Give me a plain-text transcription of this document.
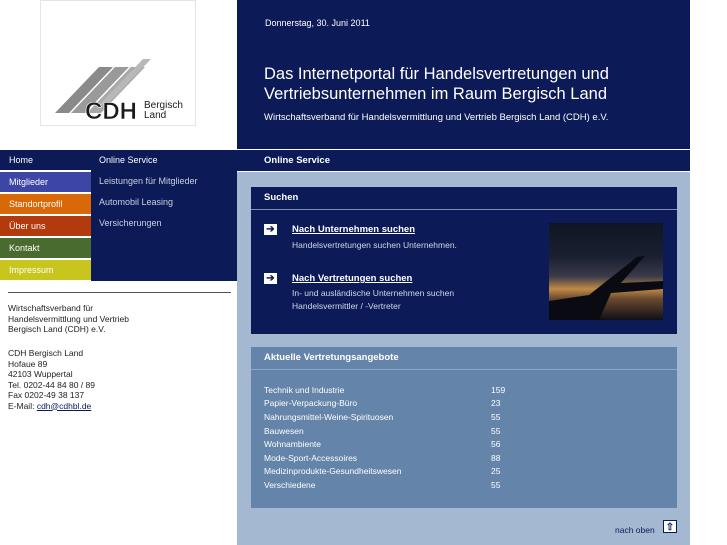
CDH Bergisch
Land
Donnerstag, 30. Juni 2011
Das Internetportal für Handelsvertretungen und
Vertriebsunternehmen im Raum Bergisch Land
Wirtschaftsverband für Handelsvermittlung und Vertrieb Bergisch Land (CDH) e.V.
Home
Mitglieder
Standortprofil
Über uns
Kontakt
Impressum
Online Service
Leistungen für Mitglieder
Automobil Leasing
Versicherungen
Wirtschaftsverband für
Handelsvermittlung und Vertrieb
Bergisch Land (CDH) e.V.
CDH Bergisch Land
Hofaue 89
42103 Wuppertal
Tel. 0202-44 84 80 / 89
Fax 0202-49 38 137
E-Mail: cdh@cdhbl.de
Online Service
Suchen
➔ Nach Unternehmen suchen
Handelsvertretungen suchen Unternehmen.
➔ Nach Vertretungen suchen
In- und ausländische Unternehmen suchen
Handelsvermittler / -Vertreter
Aktuelle Vertretungsangebote
Technik und Industrie	159
Papier-Verpackung-Büro	23
Nahrungsmittel-Weine-Spirituosen	55
Bauwesen	55
Wohnambiente	56
Mode-Sport-Accessoires	88
Medizinprodukte-Gesundheitswesen	25
Verschiedene	55
nach oben ⇧
